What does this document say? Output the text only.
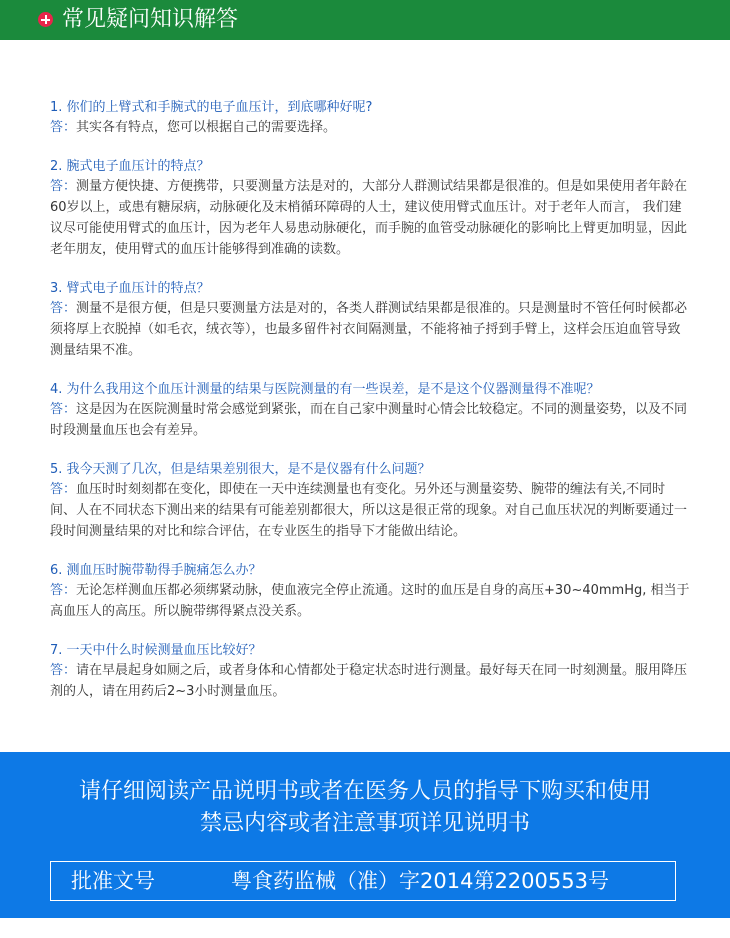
常见疑问知识解答
1. 你们的上臂式和手腕式的电子血压计，到底哪种好呢?
答：其实各有特点，您可以根据自己的需要选择。
2. 腕式电子血压计的特点？
答：测量方便快捷、方便携带，只要测量方法是对的，大部分人群测试结果都是很准的。但是如果使用者年龄在60岁以上，或患有糖尿病，动脉硬化及末梢循环障碍的人士，建议使用臂式血压计。对于老年人而言， 我们建议尽可能使用臂式的血压计，因为老年人易患动脉硬化，而手腕的血管受动脉硬化的影响比上臂更加明显，因此老年朋友，使用臂式的血压计能够得到准确的读数。
3. 臂式电子血压计的特点？
答：测量不是很方便，但是只要测量方法是对的，各类人群测试结果都是很准的。只是测量时不管任何时候都必须将厚上衣脱掉（如毛衣，绒衣等），也最多留件衬衣间隔测量，不能将袖子捋到手臂上，这样会压迫血管导致测量结果不准。
4. 为什么我用这个血压计测量的结果与医院测量的有一些误差，是不是这个仪器测量得不准呢？
答：这是因为在医院测量时常会感觉到紧张，而在自己家中测量时心情会比较稳定。不同的测量姿势，以及不同时段测量血压也会有差异。
5. 我今天测了几次，但是结果差别很大，是不是仪器有什么问题？
答：血压时时刻刻都在变化，即使在一天中连续测量也有变化。另外还与测量姿势、腕带的缠法有关,不同时间、人在不同状态下测出来的结果有可能差别都很大，所以这是很正常的现象。对自己血压状况的判断要通过一段时间测量结果的对比和综合评估，在专业医生的指导下才能做出结论。
6. 测血压时腕带勒得手腕痛怎么办？
答：无论怎样测血压都必须绑紧动脉，使血液完全停止流通。这时的血压是自身的高压+30~40mmHg, 相当于高血压人的高压。所以腕带绑得紧点没关系。
7. 一天中什么时候测量血压比较好？
答：请在早晨起身如厕之后，或者身体和心情都处于稳定状态时进行测量。最好每天在同一时刻测量。服用降压剂的人，请在用药后2~3小时测量血压。
请仔细阅读产品说明书或者在医务人员的指导下购买和使用
禁忌内容或者注意事项详见说明书
批准文号	粤食药监械（准）字2014第2200553号
